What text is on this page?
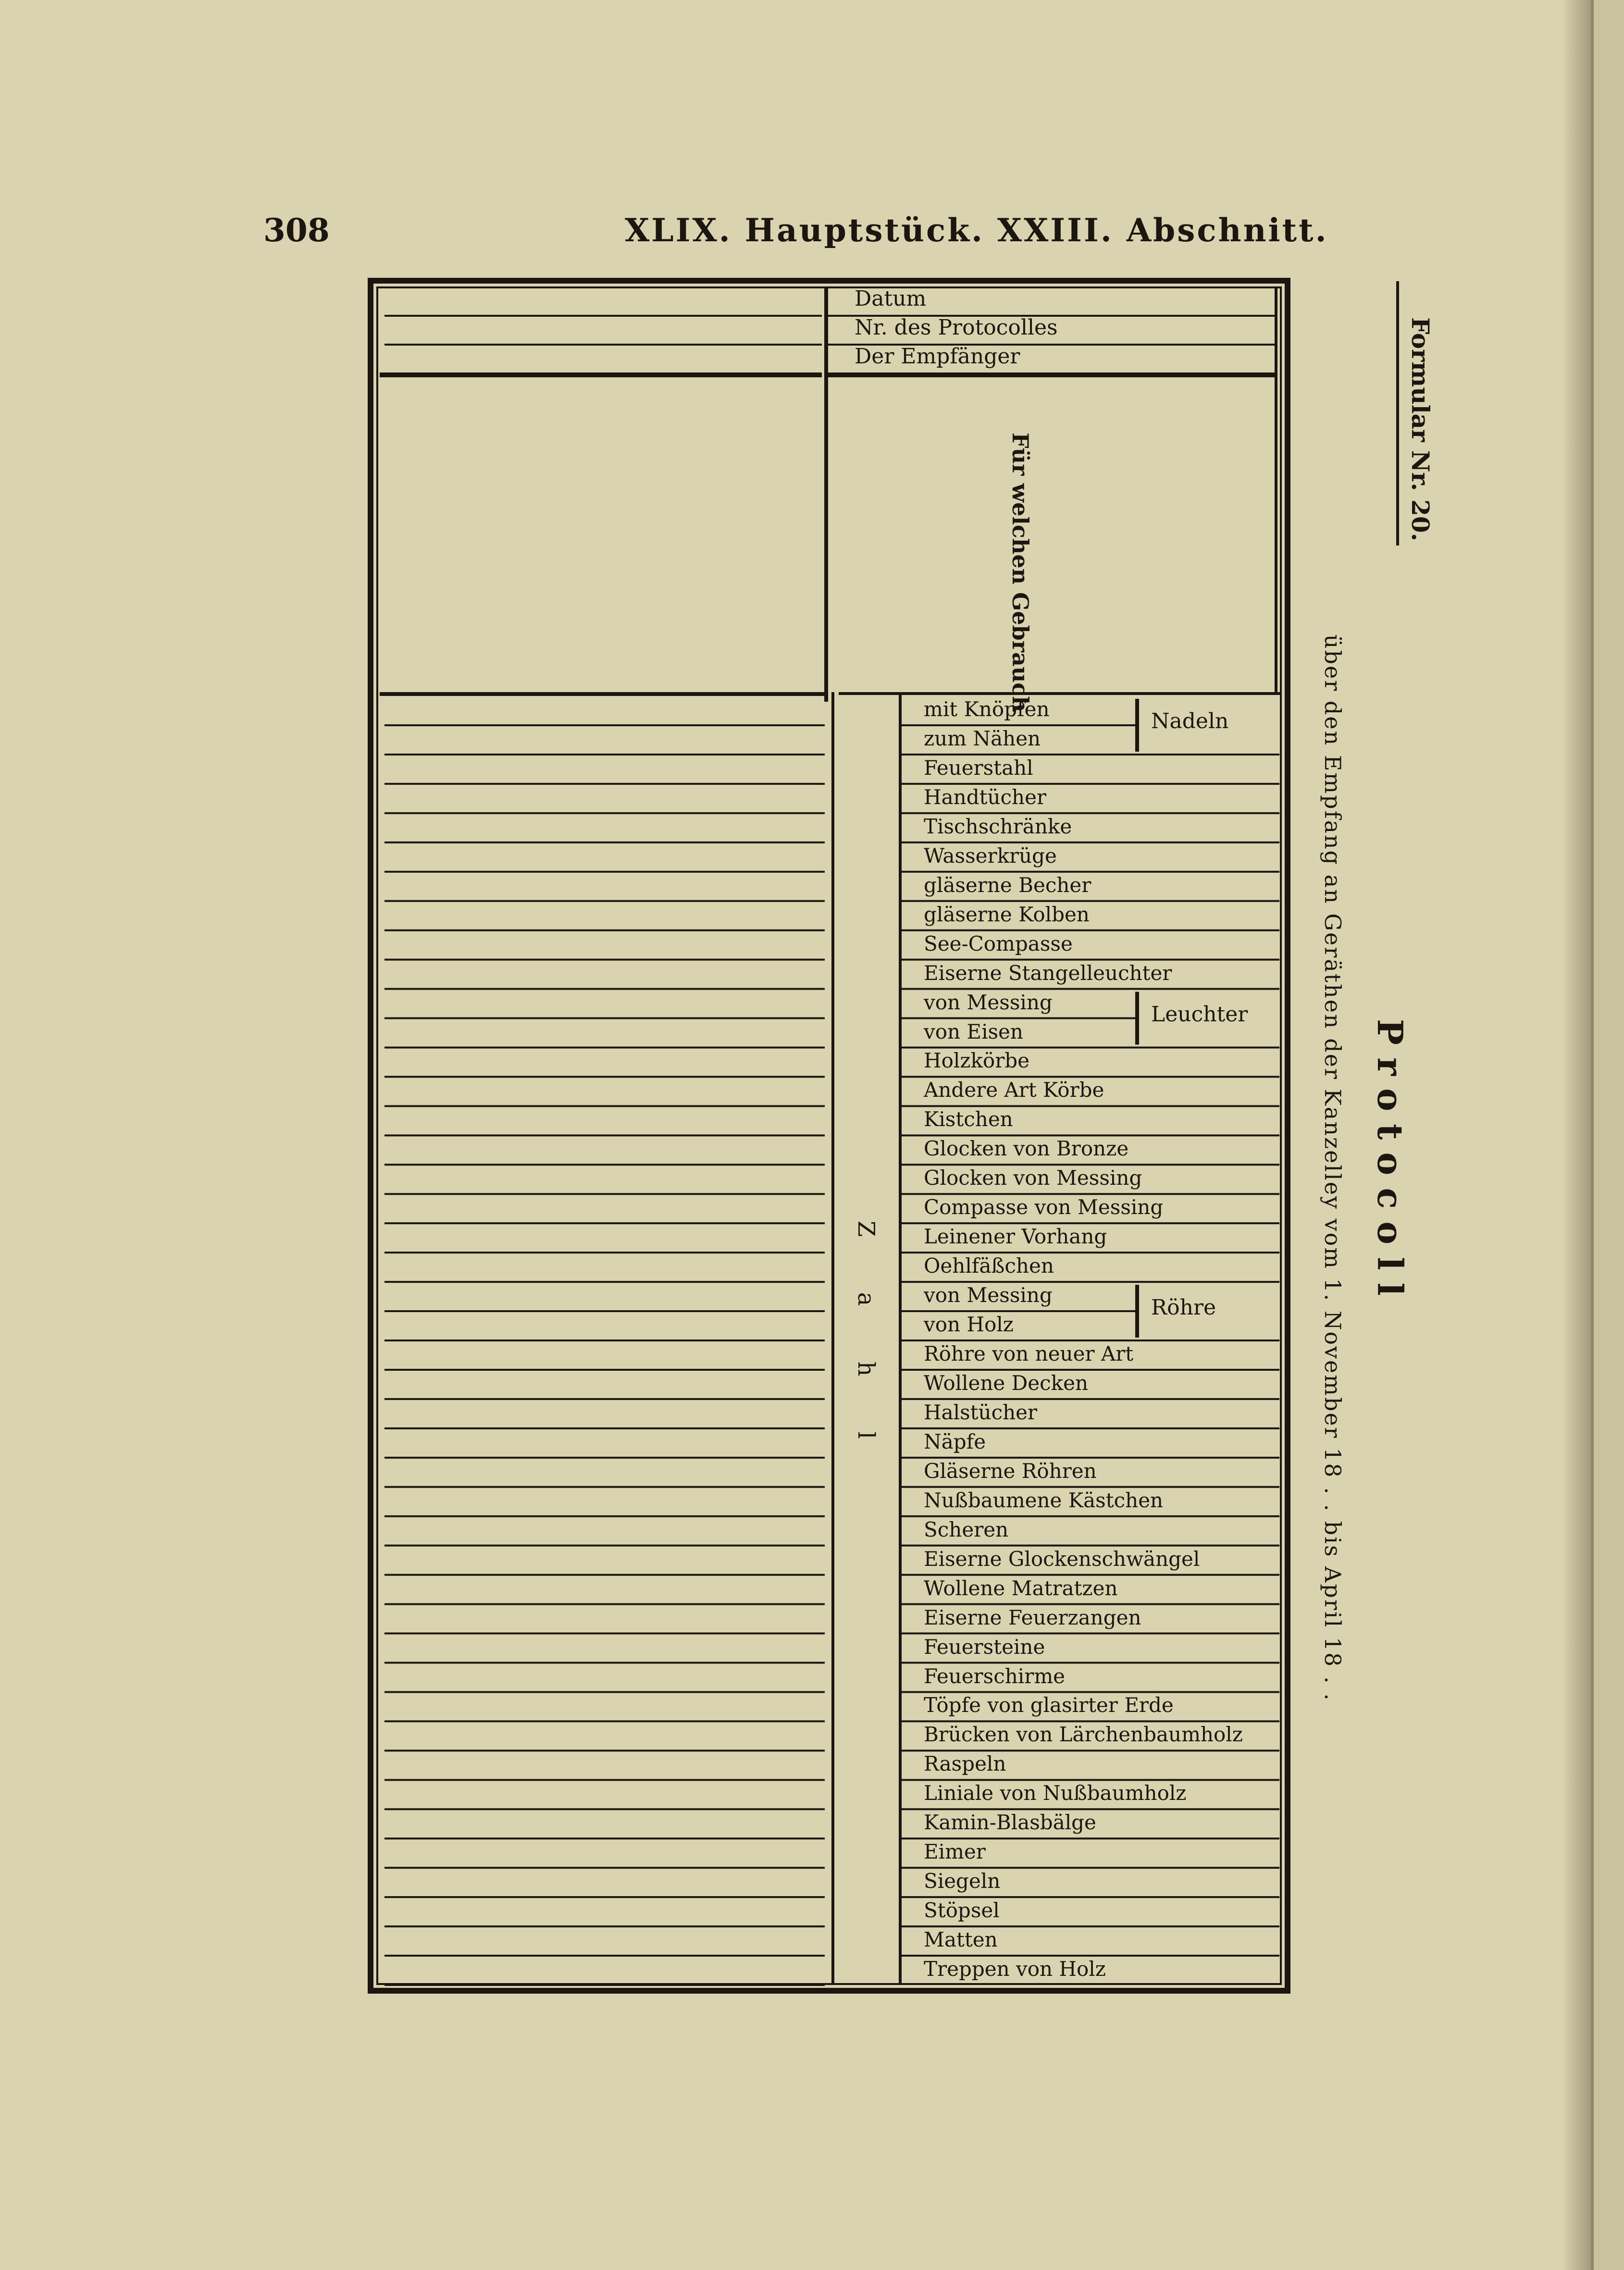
308	XLIX. Hauptstück. XXIII. Abschnitt.
Datum
Nr. des Protocolles
Der Empfänger
Für welchen Gebrauch
Z a h l
mit Knöpfen
zum Nähen
Feuerstahl
Handtücher
Tischschränke
Wasserkrüge
gläserne Becher
gläserne Kolben
See-Compasse
Eiserne Stangelleuchter
von Messing
von Eisen
Holzkörbe
Andere Art Körbe
Kistchen
Glocken von Bronze
Glocken von Messing
Compasse von Messing
Leinener Vorhang
Oehlfäßchen
von Messing
von Holz
Röhre von neuer Art
Wollene Decken
Halstücher
Näpfe
Gläserne Röhren
Nußbaumene Kästchen
Scheren
Eiserne Glockenschwängel
Wollene Matratzen
Eiserne Feuerzangen
Feuersteine
Feuerschirme
Töpfe von glasirter Erde
Brücken von Lärchenbaumholz
Raspeln
Liniale von Nußbaumholz
Kamin-Blasbälge
Eimer
Siegeln
Stöpsel
Matten
Treppen von Holz
Nadeln
Leuchter
Röhre
Formular Nr. 20.
Protocoll
über den Empfang an Geräthen der Kanzelley vom 1. November 18 . . bis April 18 . .
